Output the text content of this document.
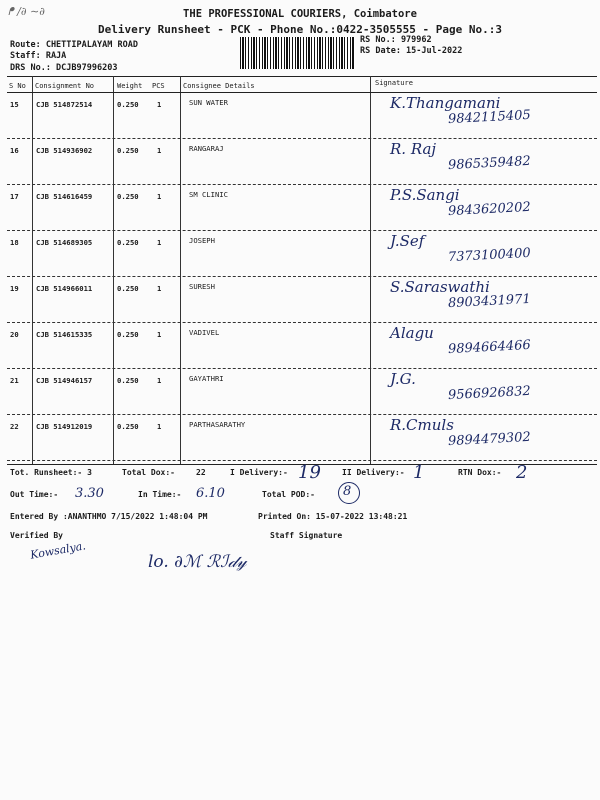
ᖰ ∕∂ ∼∂	THE PROFESSIONAL COURIERS, Coimbatore
Delivery Runsheet - PCK - Phone No.:0422-3505555 - Page No.:3
Route: CHETTIPALAYAM ROAD
Staff: RAJA
DRS No.: DCJB97996203
RS No.: 979962
RS Date: 15-Jul-2022
S No Consignment No	Weight PCS	Consignee Details	Signature
15 CJB 514872514	0.250	1	SUN WATER	K.Thangamani
9842115405
16 CJB 514936902	0.250	1	RANGARAJ	R. Raj
9865359482
17 CJB 514616459	0.250	1	SM CLINIC	P.S.Sangi
9843620202
18 CJB 514689305	0.250	1	JOSEPH	J.Sef
7373100400
19 CJB 514966011	0.250	1	SURESH	S.Saraswathi
8903431971
20 CJB 514615335	0.250	1	VADIVEL	Alagu
9894664466
21 CJB 514946157	0.250	1	GAYATHRI	J.G.
9566926832
22 CJB 514912019	0.250	1	PARTHASARATHY	R.Cmuls
9894479302
Tot. Runsheet:- 3	Total Dox:-	22	I Delivery:- 19	II Delivery:- 1	RTN Dox:- 2
Out Time:- 3.30	In Time:- 6.10	Total POD:- 8
Entered By :ANANTHMO 7/15/2022 1:48:04 PM	Printed On: 15-07-2022 13:48:21
Verified By
Kowsalya.
Staff Signature
lo. ∂ℳ ℛℐ𝒹𝓎
